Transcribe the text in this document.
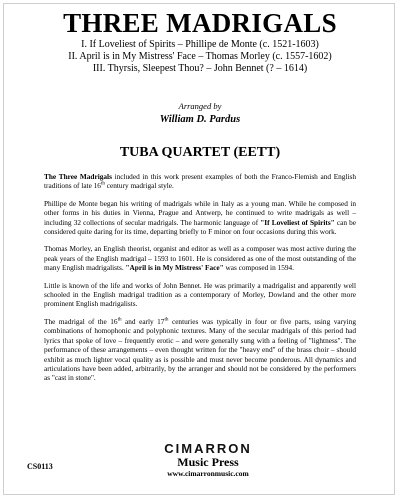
THREE MADRIGALS
I. If Loveliest of Spirits – Phillipe de Monte (c. 1521-1603)
II. April is in My Mistress' Face – Thomas Morley (c. 1557-1602)
III. Thyrsis, Sleepest Thou? – John Bennet (? – 1614)
Arranged by
William D. Pardus
TUBA QUARTET (EETT)

The Three Madrigals included in this work present examples of both the Franco-Flemish and English traditions of late 16th century madrigal style.

Phillipe de Monte began his writing of madrigals while in Italy as a young man. While he composed in other forms in his duties in Vienna, Prague and Antwerp, he continued to write madrigals as well – including 32 collections of secular madrigals. The harmonic language of "If Loveliest of Spirits" can be considered quite daring for its time, departing briefly to F minor on four occasions during this work.

Thomas Morley, an English theorist, organist and editor as well as a composer was most active during the peak years of the English madrigal – 1593 to 1601. He is considered as one of the most outstanding of the many English madrigalists. "April is in My Mistress' Face" was composed in 1594.

Little is known of the life and works of John Bennet. He was primarily a madrigalist and apparently well schooled in the English madrigal tradition as a contemporary of Morley, Dowland and the other more prominent English madrigalists.

The madrigal of the 16th and early 17th centuries was typically in four or five parts, using varying combinations of homophonic and polyphonic textures. Many of the secular madrigals of this period had lyrics that spoke of love – frequently erotic – and were generally sung with a feeling of "lightness". The performance of these arrangements – even thought written for the "heavy end" of the brass choir – should exhibit as much lighter vocal quality as is possible and must never become ponderous. All dynamics and articulations have been added, arbitrarily, by the arranger and should not be considered by the performers as "cast in stone".

CS0113
CIMARRON
Music Press
www.cimarronmusic.com
